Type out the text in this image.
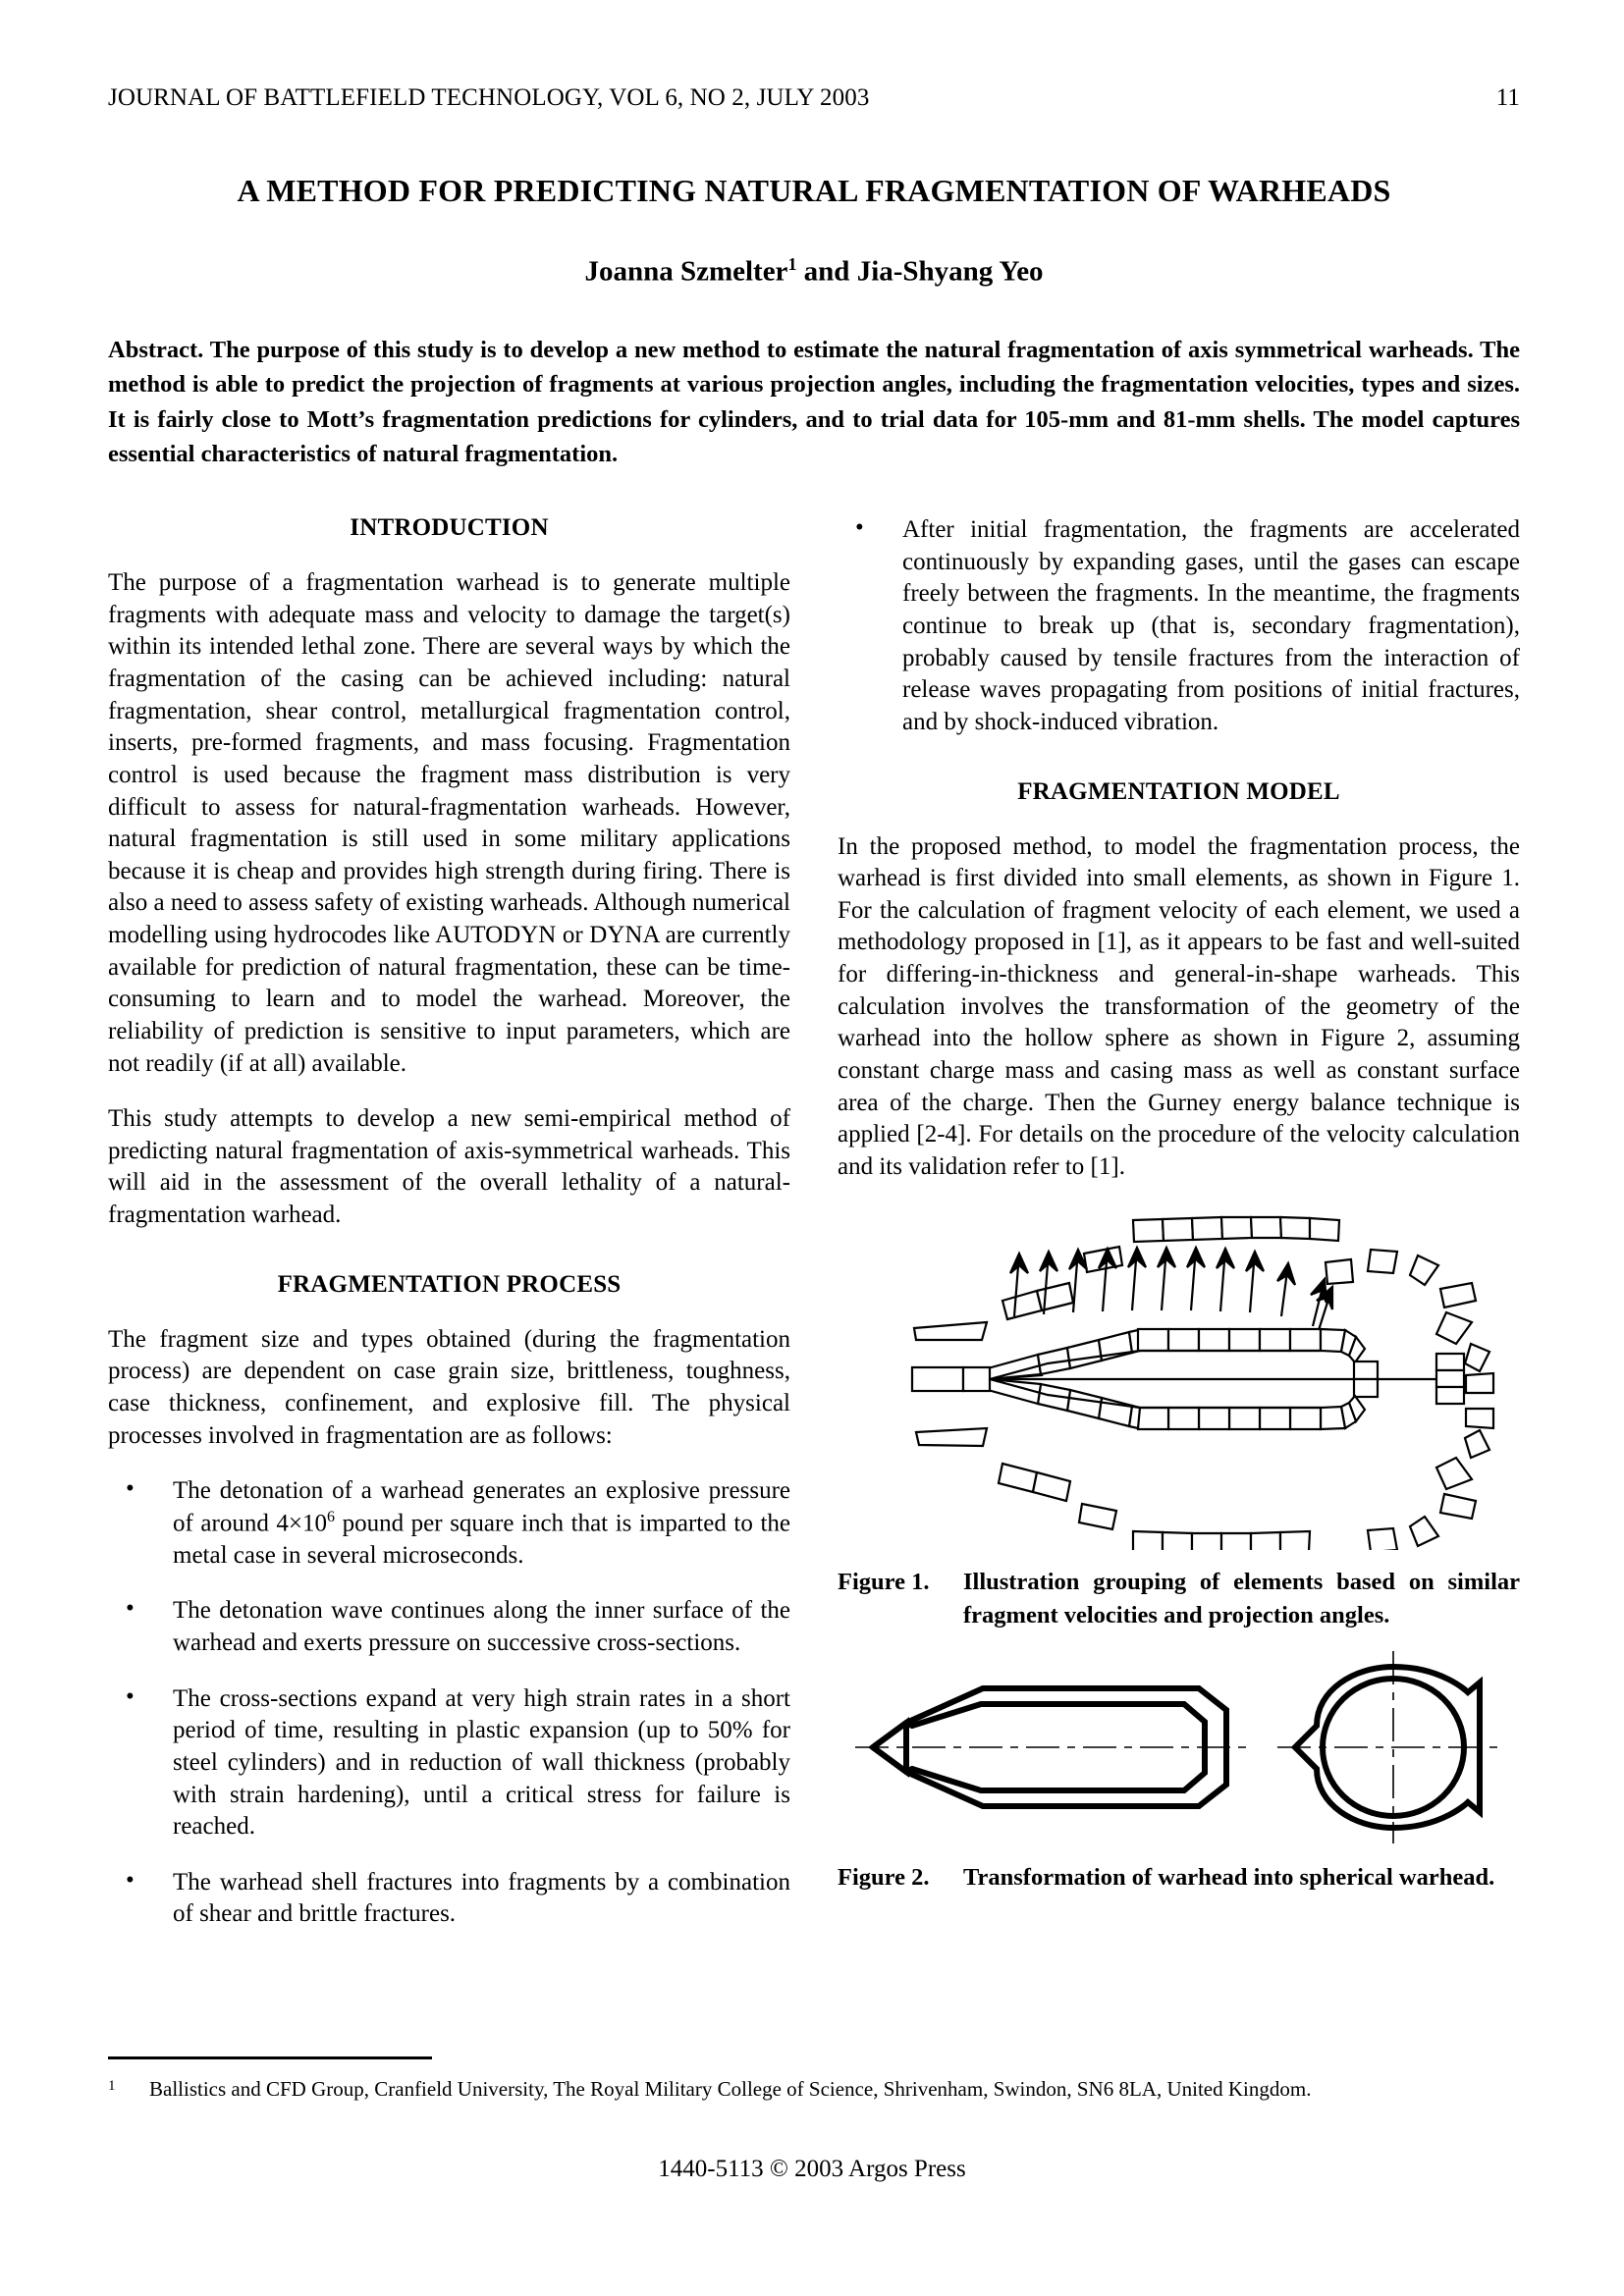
JOURNAL OF BATTLEFIELD TECHNOLOGY, VOL 6, NO 2, JULY 2003	11
A METHOD FOR PREDICTING NATURAL FRAGMENTATION OF WARHEADS
Joanna Szmelter$^1$ and Jia-Shyang Yeo
Abstract. The purpose of this study is to develop a new method to estimate the natural fragmentation of axis symmetrical warheads. The method is able to predict the projection of fragments at various projection angles, including the fragmentation velocities, types and sizes. It is fairly close to Mott’s fragmentation predictions for cylinders, and to trial data for 105-mm and 81-mm shells. The model captures essential characteristics of natural fragmentation.
INTRODUCTION

The purpose of a fragmentation warhead is to generate multiple fragments with adequate mass and velocity to damage the target(s) within its intended lethal zone. There are several ways by which the fragmentation of the casing can be achieved including: natural fragmentation, shear control, metallurgical fragmentation control, inserts, pre-formed fragments, and mass focusing. Fragmentation control is used because the fragment mass distribution is very difficult to assess for natural-fragmentation warheads. However, natural fragmentation is still used in some military applications because it is cheap and provides high strength during firing. There is also a need to assess safety of existing warheads. Although numerical modelling using hydrocodes like AUTODYN or DYNA are currently available for prediction of natural fragmentation, these can be time-consuming to learn and to model the warhead. Moreover, the reliability of prediction is sensitive to input parameters, which are not readily (if at all) available.

This study attempts to develop a new semi-empirical method of predicting natural fragmentation of axis-symmetrical warheads. This will aid in the assessment of the overall lethality of a natural-fragmentation warhead.

FRAGMENTATION PROCESS

The fragment size and types obtained (during the fragmentation process) are dependent on case grain size, brittleness, toughness, case thickness, confinement, and explosive fill. The physical processes involved in fragmentation are as follows:

• The detonation of a warhead generates an explosive pressure of around $4\times 10^6$ pound per square inch that is imparted to the metal case in several microseconds.
• The detonation wave continues along the inner surface of the warhead and exerts pressure on successive cross-sections.
• The cross-sections expand at very high strain rates in a short period of time, resulting in plastic expansion (up to 50% for steel cylinders) and in reduction of wall thickness (probably with strain hardening), until a critical stress for failure is reached.
• The warhead shell fractures into fragments by a combination of shear and brittle fractures.
• After initial fragmentation, the fragments are accelerated continuously by expanding gases, until the gases can escape freely between the fragments. In the meantime, the fragments continue to break up (that is, secondary fragmentation), probably caused by tensile fractures from the interaction of release waves propagating from positions of initial fractures, and by shock-induced vibration.
FRAGMENTATION MODEL

In the proposed method, to model the fragmentation process, the warhead is first divided into small elements, as shown in Figure 1. For the calculation of fragment velocity of each element, we used a methodology proposed in [1], as it appears to be fast and well-suited for differing-in-thickness and general-in-shape warheads. This calculation involves the transformation of the geometry of the warhead into the hollow sphere as shown in Figure 2, assuming constant charge mass and casing mass as well as constant surface area of the charge. Then the Gurney energy balance technique is applied [2-4]. For details on the procedure of the velocity calculation and its validation refer to [1].

Figure 1.	Illustration grouping of elements based on similar fragment velocities and projection angles.
Figure 2.	Transformation of warhead into spherical warhead.
1	Ballistics and CFD Group, Cranfield University, The Royal Military College of Science, Shrivenham, Swindon, SN6 8LA, United Kingdom.
1440-5113 © 2003 Argos Press
